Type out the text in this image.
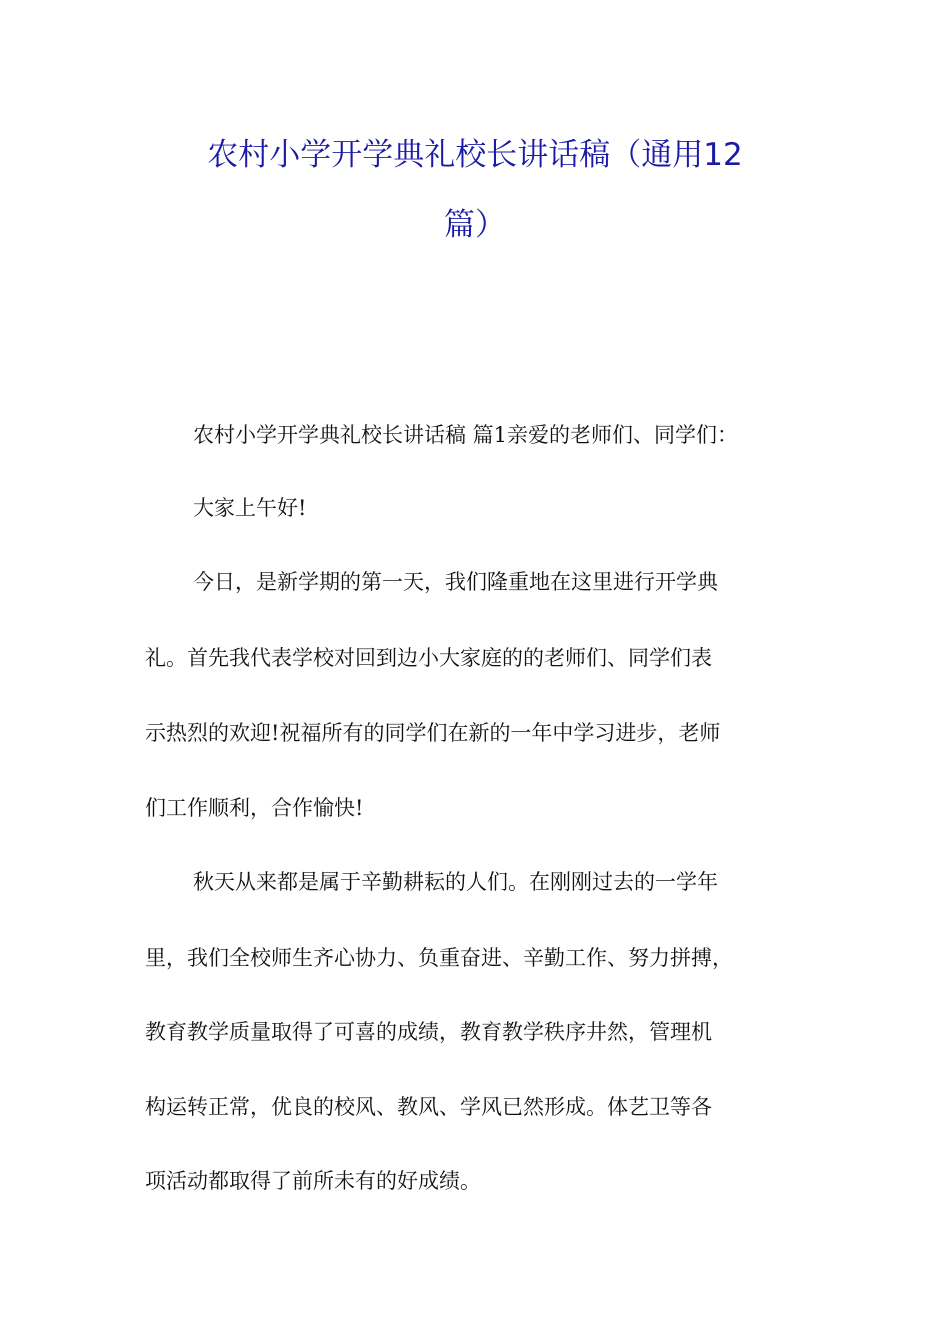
农村小学开学典礼校长讲话稿（通用12
篇）
农村小学开学典礼校长讲话稿 篇1亲爱的老师们、同学们：
大家上午好!
今日，是新学期的第一天，我们隆重地在这里进行开学典
礼。首先我代表学校对回到边小大家庭的的老师们、同学们表
示热烈的欢迎!祝福所有的同学们在新的一年中学习进步，老师
们工作顺利，合作愉快!
秋天从来都是属于辛勤耕耘的人们。在刚刚过去的一学年
里，我们全校师生齐心协力、负重奋进、辛勤工作、努力拼搏，
教育教学质量取得了可喜的成绩，教育教学秩序井然，管理机
构运转正常，优良的校风、教风、学风已然形成。体艺卫等各
项活动都取得了前所未有的好成绩。
